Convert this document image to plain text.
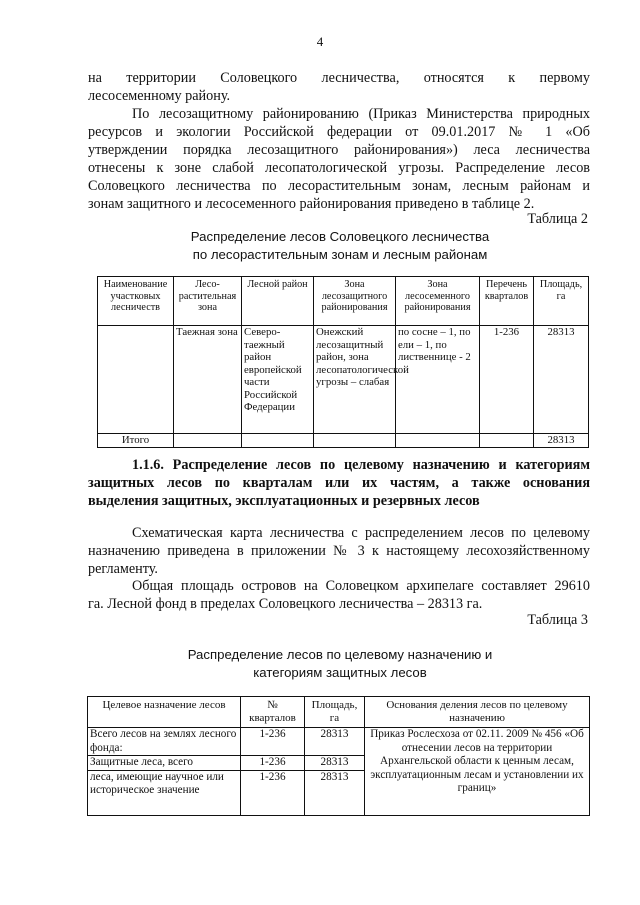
4
на территории Соловецкого лесничества, относятся к первому
лесосеменному району.
По лесозащитному районированию (Приказ Министерства природных
ресурсов и экологии Российской федерации от 09.01.2017 № 1 «Об
утверждении порядка лесозащитного районирования») леса лесничества
отнесены к зоне слабой лесопатологической угрозы. Распределение лесов
Соловецкого лесничества по лесорастительным зонам, лесным районам и
зонам защитного и лесосеменного районирования приведено в таблице 2.
Таблица 2
Распределение лесов Соловецкого лесничества
по лесорастительным зонам и лесным районам
Наименование участковых лесничеств	Лесо-растительная зона	Лесной район	Зона лесозащитного районирования	Зона лесосеменного районирования	Перечень кварталов	Площадь, га
	Таежная зона	Северо-таежный район европейской части Российской Федерации	Онежский лесозащитный район, зона лесопатологической угрозы – слабая	по сосне – 1, по ели – 1, по лиственнице - 2	1-236	28313
Итого						28313
1.1.6. Распределение лесов по целевому назначению и категориям
защитных лесов по кварталам или их частям, а также основания
выделения защитных, эксплуатационных и резервных лесов
Схематическая карта лесничества с распределением лесов по целевому
назначению приведена в приложении № 3 к настоящему лесохозяйственному
регламенту.
Общая площадь островов на Соловецком архипелаге составляет 29610
га. Лесной фонд в пределах Соловецкого лесничества – 28313 га.
Таблица 3
Распределение лесов по целевому назначению и
категориям защитных лесов
Целевое назначение лесов	№ кварталов	Площадь, га	Основания деления лесов по целевому назначению
Всего лесов на землях лесного фонда:	1-236	28313	Приказ Рослесхоза от 02.11. 2009 № 456 «Об отнесении лесов на территории Архангельской области к ценным лесам, эксплуатационным лесам и установлении их границ»
Защитные леса, всего	1-236	28313	
леса, имеющие научное или историческое значение	1-236	28313	
